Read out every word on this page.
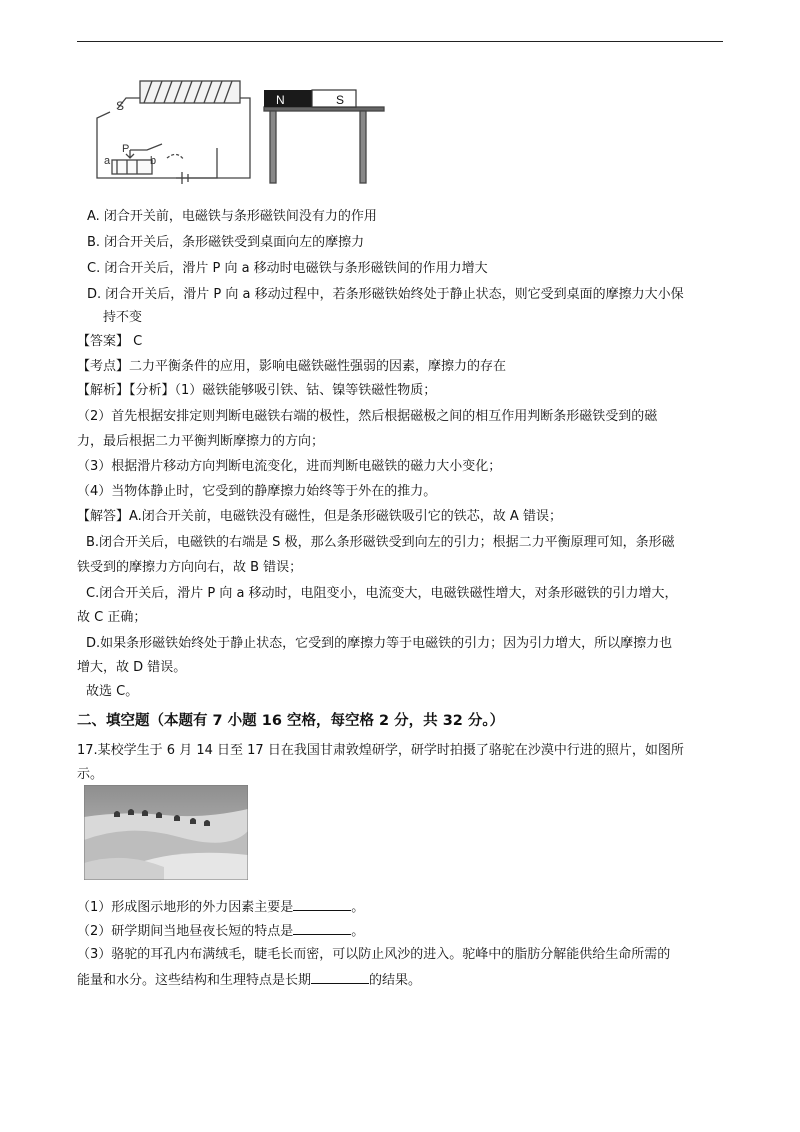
N	S
S
a
P
b
A. 闭合开关前，电磁铁与条形磁铁间没有力的作用
B. 闭合开关后，条形磁铁受到桌面向左的摩擦力
C. 闭合开关后，滑片 P 向 a 移动时电磁铁与条形磁铁间的作用力增大
D. 闭合开关后，滑片 P 向 a 移动过程中，若条形磁铁始终处于静止状态，则它受到桌面的摩擦力大小保
持不变
【答案】 C
【考点】二力平衡条件的应用，影响电磁铁磁性强弱的因素，摩擦力的存在
【解析】【分析】（1）磁铁能够吸引铁、钴、镍等铁磁性物质；
（2）首先根据安排定则判断电磁铁右端的极性，然后根据磁极之间的相互作用判断条形磁铁受到的磁
力，最后根据二力平衡判断摩擦力的方向；
（3）根据滑片移动方向判断电流变化，进而判断电磁铁的磁力大小变化；
（4）当物体静止时，它受到的静摩擦力始终等于外在的推力。
【解答】A.闭合开关前，电磁铁没有磁性，但是条形磁铁吸引它的铁芯，故 A 错误；
B.闭合开关后，电磁铁的右端是 S 极，那么条形磁铁受到向左的引力；根据二力平衡原理可知，条形磁
铁受到的摩擦力方向向右，故 B 错误；
C.闭合开关后，滑片 P 向 a 移动时，电阻变小，电流变大，电磁铁磁性增大，对条形磁铁的引力增大，
故 C 正确；
D.如果条形磁铁始终处于静止状态，它受到的摩擦力等于电磁铁的引力；因为引力增大，所以摩擦力也
增大，故 D 错误。
故选 C。
二、填空题（本题有 7 小题 16 空格，每空格 2 分，共 32 分。）
17.某校学生于 6 月 14 日至 17 日在我国甘肃敦煌研学，研学时拍摄了骆驼在沙漠中行进的照片，如图所
示。
（1）形成图示地形的外力因素主要是	。
（2）研学期间当地昼夜长短的特点是	。
（3）骆驼的耳孔内布满绒毛，睫毛长而密，可以防止风沙的进入。驼峰中的脂肪分解能供给生命所需的
能量和水分。这些结构和生理特点是长期	的结果。
